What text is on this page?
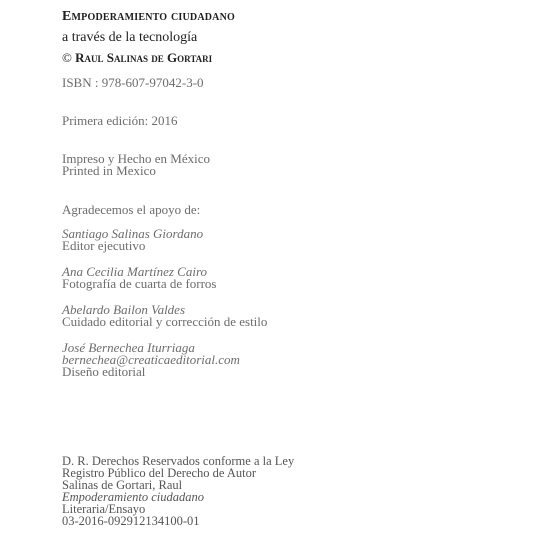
Empoderamiento ciudadano
a través de la tecnología
© Raul Salinas de Gortari
ISBN : 978-607-97042-3-0
Primera edición: 2016
Impreso y Hecho en México
Printed in Mexico
Agradecemos el apoyo de:
Santiago Salinas Giordano
Editor ejecutivo
Ana Cecilia Martínez Cairo
Fotografía de cuarta de forros
Abelardo Bailon Valdes
Cuidado editorial y corrección de estilo
José Bernechea Iturriaga
bernechea@creaticaeditorial.com
Diseño editorial
D. R. Derechos Reservados conforme a la Ley
Registro Público del Derecho de Autor
Salinas de Gortari, Raul
Empoderamiento ciudadano
Literaria/Ensayo
03-2016-092912134100-01
